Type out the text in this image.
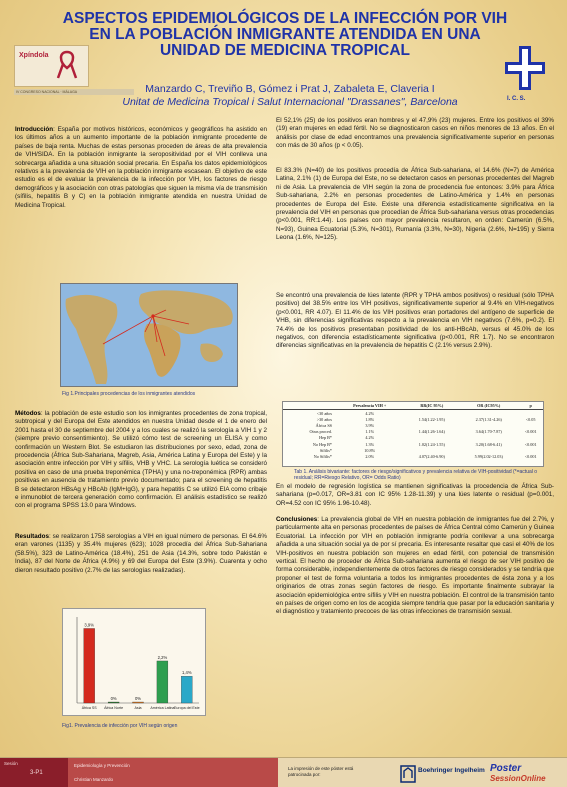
ASPECTOS EPIDEMIOLÓGICOS DE LA INFECCIÓN POR VIH EN LA POBLACIÓN INMIGRANTE ATENDIDA EN UNA UNIDAD DE MEDICINA TROPICAL
Xpíndola
IV CONGRESO NACIONAL · MÁLAGA	Manzardo C, Treviño B, Gómez i Prat J, Zabaleta E, Claveria I
Unitat de Medicina Tropical i Salut Internacional "Drassanes", Barcelona	I. C. S.
Introducción: España por motivos históricos, económicos y geográficos ha asistido en los últimos años a un aumento importante de la población inmigrante procedente de países de baja renta. Muchas de estas personas proceden de áreas de alta prevalencia de VIH/SIDA. En la población inmigrante la seropositividad por el VIH conlleva una sobrecarga añadida a una situación social precaria. En España los datos epidemiológicos relativos a la prevalencia de VIH en la población inmigrante escasean. El objetivo de este estudio es el de evaluar la prevalencia de la infección por VIH, los factores de riesgo demográficos y la asociación con otras patologías que siguen la misma vía de transmisión (sífilis, hepatitis B y C) en la población inmigrante atendida en nuestra Unidad de Medicina Tropical.
Fig 1.Principales procedencias de los inmigrantes atendidos
Métodos: la población de este estudio son los inmigrantes procedentes de zona tropical, subtropical y del Europa del Este atendidos en nuestra Unidad desde el 1 de enero del 2001 hasta el 30 de septiembre del 2004 y a los cuales se realizó la serología a VIH 1 y 2 (siempre previo consentimiento). Se utilizó cómo test de screening un ELISA y como confirmación un Western Blot. Se estudiaron las distribuciones por sexo, edad, zona de procedencia (África Sub-Sahariana, Magreb, Asia, América Latina y Europa del Este) y la asociación entre infección por VIH y sífilis, VHB y VHC. La serología luética se consideró positiva en caso de una prueba treponémica (TPHA) y una no-treponémica (RPR) ambas positivas en ausencia de tratamiento previo documentado; para el screening de hepatitis B se detectaron HBsAg y HBcAb (IgM+IgG), y para hepatitis C se utilizó EIA como cribaje e inmunoblot de tercera generación como confirmación. El análisis estadístico se realizó con el programa SPSS 13.0 para Windows.
Resultados: se realizaron 1758 serologías a VIH en igual número de personas. El 64.6% eran varones (1135) y 35.4% mujeres (623); 1028 procedía del África Sub-Sahariana (58.5%), 323 de Latino-América (18.4%), 251 de Asia (14.3%, sobre todo Pakistán e India), 87 del Norte de África (4.9%) y 69 del Europa del Este (3.9%). Cuarenta y ocho dieron resultado positivo (2.7% de las serologías realizadas).
3,9%
África SS
0%
África Norte
0%
Asia
2,2%
América Latina
1,4%
Europa del Este
Fig1. Prevalencia de infección por VIH según origen
El 52,1% (25) de los positivos eran hombres y el 47,9% (23) mujeres. Entre los positivos el 39% (19) eran mujeres en edad fértil. No se diagnosticaron casos en niños menores de 13 años. En el análisis por clase de edad encontramos una prevalencia significativamente superior en personas con más de 30 años (p < 0.05).
El 83.3% (N=40) de los positivos procedía de África Sub-sahariana, el 14.6% (N=7) de América Latina, 2.1% (1) de Europa del Este, no se detectaron casos en personas procedentes del Magreb ni de Asia. La prevalencia de VIH según la zona de procedencia fue entonces: 3.9% para África Sub-sahariana, 2.2% en personas procedentes de Latino-América y 1.4% en personas procedentes de Europa del Este. Existe una diferencia estadísticamente significativa en la prevalencia del VIH en personas que procedían de África Sub-sahariana versus otras procedencias (p<0.001, RR:1.44). Los países con mayor prevalencia resultaron, en orden: Camerún (6.5%, N=93), Guinea Ecuatorial (5.3%, N=301), Rumanía (3.3%, N=30), Nigeria (2.6%, N=195) y Sierra Leona (1.6%, N=125).
Se encontró una prevalencia de lúes latente (RPR y TPHA ambos positivos) o residual (sólo TPHA positivo) del 38.5% entre los VIH positivos, significativamente superior al 9.4% en VIH-negativos (p<0.001, RR 4.07). El 11.4% de los VIH positivos eran portadores del antígeno de superficie de VHB, sin diferencias significativas respecto a la prevalencia en VIH negativos (7.6%, p=0.2). El 74.4% de los positivos presentaban positividad de los anti-HBcAb, versus el 45.0% de los negativos, con diferencia estadísticamente significativa (p<0.001, RR 1.7). No se encontraron diferencias significativas en la prevalencia de hepatitis C (2.1% versus 2.9%).
	Prevalencia VIH +	RR(IC 95%)	OR (IC95%)	p
<30 años	4.2%			
>30 años	1.8%	1.54(1.22-1.95)	2.37(1.31-4.26)	<0.05
África SS	3.9%			
Otras proced.	1.1%	1.44(1.26-1.64)	3.64(1.70-7.87)	<0.001
Hep B*	4.2%			
No Hep B*	1.3%	1.02(1.24-1.55)	3.20(1.68-6.41)	<0.001
Sífilis*	10.8%			
No Sífilis*	2.0%	4.07(2.40-6.90)	5.99(2.02-12.03)	<0.001
Tab 1. Análisis bivariante: factores de riesgo/significativos y prevalencia relativa de VIH-positividad (*=actual o residual; RR=Riesgo Relativo, OR= Odds Ratio)
En el modelo de regresión logística se mantienen significativas la procedencia de África Sub-sahariana (p=0.017, OR=3.81 con IC 95% 1.28-11.39) y una lúes latente o residual (p=0.001, OR=4.52 con IC 95% 1.96-10.48).
Conclusiones: La prevalencia global de VIH en nuestra población de inmigrantes fue del 2.7%, y particularmente alta en personas procedentes de países de África Central cómo Camerún y Guinea Ecuatorial. La infección por VIH en población inmigrante podría conllevar a una sobrecarga añadida a una situación social ya de por sí precaria. Es interesante resaltar que casi el 40% de los VIH-positivos en nuestra población son mujeres en edad fértil, con potencial de transmisión vertical. El hecho de proceder de África Sub-sahariana aumenta el riesgo de ser VIH positivo de forma considerable, independientemente de otros factores de riesgo considerados y se tendría que proponer el test de forma voluntaria a todos los inmigrantes procedentes de ésta zona y a los originarios de otras zonas según factores de riesgo. Es importante finalmente subrayar la asociación epidemiológica entre sífilis y VIH en nuestra población. El control de la transmisión tanto en países de origen como en los de acogida siempre tendría que pasar por la educación sanitaria y el diagnóstico y tratamiento precoces de las otras infecciones de transmisión sexual.
Sesión
3-P1
Epidemiología y Prevención
Christian Manzardo
La impresión de este póster está patrocinada por:	Boehringer Ingelheim Poster
SessionOnline
